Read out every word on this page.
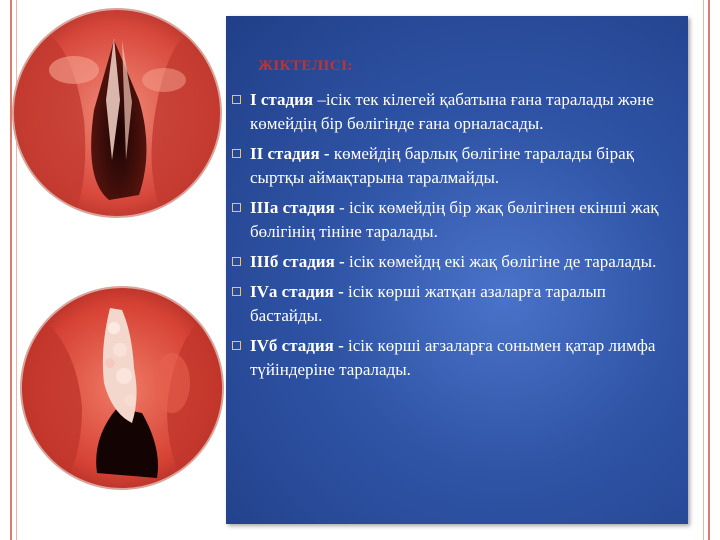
ЖІКТЕЛІСІ:
I стадия –ісік тек кілегей қабатына ғана таралады және көмейдің бір бөлігінде ғана орналасады.
II стадия - көмейдің барлық бөлігіне таралады бірақ сыртқы аймақтарына таралмайды.
IIIа стадия - ісік көмейдің бір жақ бөлігінен екінші жақ бөлігінің тініне таралады.
IIIб стадия - ісік көмейдң екі жақ бөлігіне де таралады.
IVа стадия - ісік көрші жатқан азаларға таралып бастайды.
IVб стадия - ісік көрші ағзаларға сонымен қатар лимфа түйіндеріне таралады.
